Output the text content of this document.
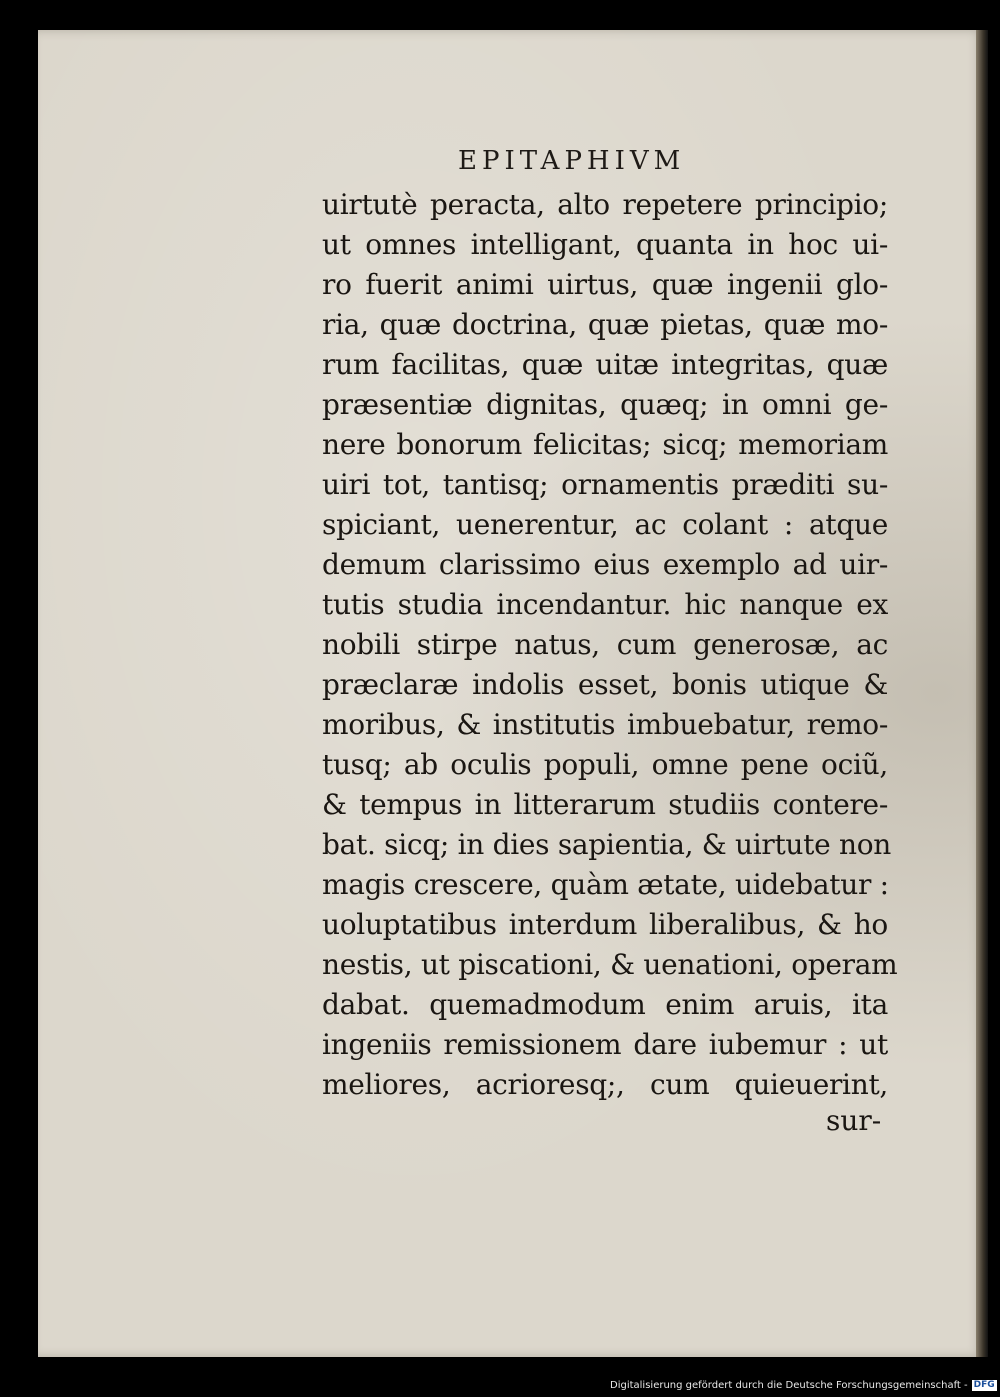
EPITAPHIVM
uirtutè peracta, alto repetere principio;
ut omnes intelligant, quanta in hoc ui-
ro fuerit animi uirtus, quæ ingenii glo-
ria, quæ doctrina, quæ pietas, quæ mo-
rum facilitas, quæ uitæ integritas, quæ
præsentiæ dignitas, quæq; in omni ge-
nere bonorum felicitas; sicq; memoriam
uiri tot, tantisq; ornamentis præditi su-
spiciant, uenerentur, ac colant : atque
demum clarissimo eius exemplo ad uir-
tutis studia incendantur. hic nanque ex
nobili stirpe natus, cum generosæ, ac
præclaræ indolis esset, bonis utique &
moribus, & institutis imbuebatur, remo-
tusq; ab oculis populi, omne pene ociũ,
& tempus in litterarum studiis contere-
bat. sicq; in dies sapientia, & uirtute non
magis crescere, quàm ætate, uidebatur :
uoluptatibus interdum liberalibus, & ho
nestis, ut piscationi, & uenationi, operam
dabat. quemadmodum enim aruis, ita
ingeniis remissionem dare iubemur : ut
meliores, acrioresq;, cum quieuerint,
sur-
Digitalisierung gefördert durch die Deutsche Forschungsgemeinschaft - DFG
